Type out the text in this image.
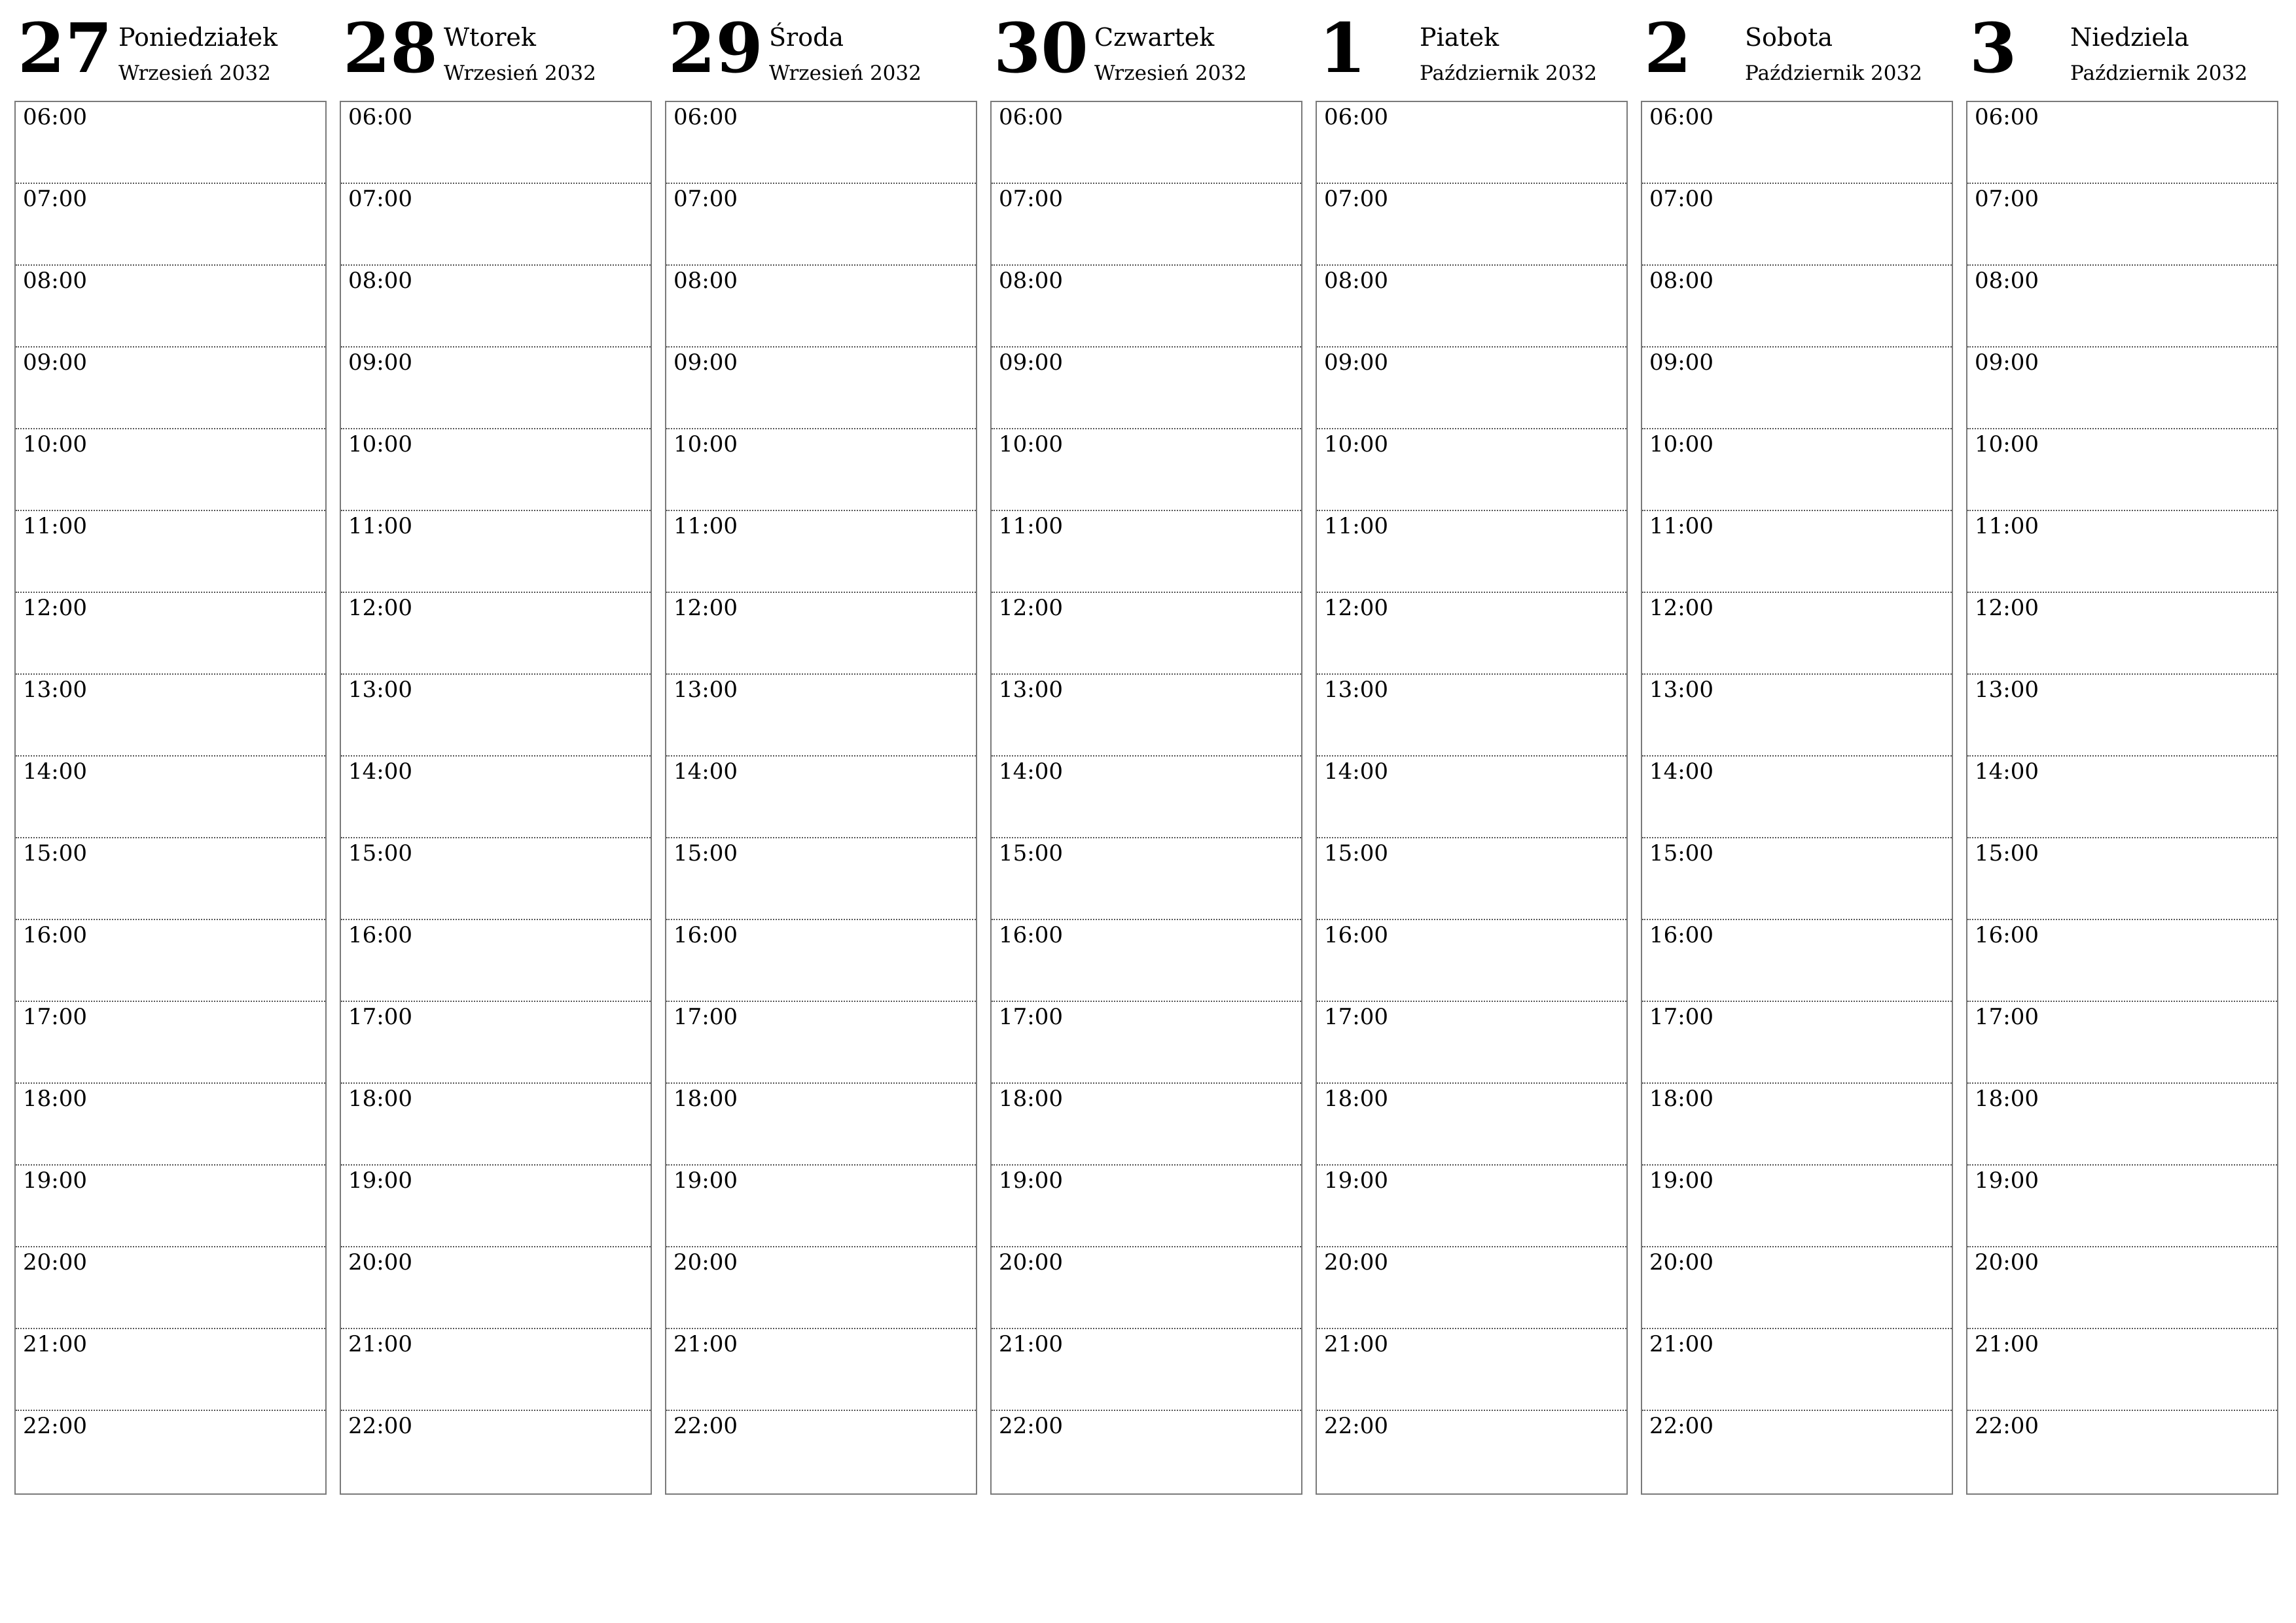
27 Poniedziałek
Wrzesień 2032
06:00
07:00
08:00
09:00
10:00
11:00
12:00
13:00
14:00
15:00
16:00
17:00
18:00
19:00
20:00
21:00
22:00
28 Wtorek
Wrzesień 2032
06:00
07:00
08:00
09:00
10:00
11:00
12:00
13:00
14:00
15:00
16:00
17:00
18:00
19:00
20:00
21:00
22:00
29 Środa
Wrzesień 2032
06:00
07:00
08:00
09:00
10:00
11:00
12:00
13:00
14:00
15:00
16:00
17:00
18:00
19:00
20:00
21:00
22:00
30 Czwartek
Wrzesień 2032
06:00
07:00
08:00
09:00
10:00
11:00
12:00
13:00
14:00
15:00
16:00
17:00
18:00
19:00
20:00
21:00
22:00
1 Piatek
Październik 2032
06:00
07:00
08:00
09:00
10:00
11:00
12:00
13:00
14:00
15:00
16:00
17:00
18:00
19:00
20:00
21:00
22:00
2 Sobota
Październik 2032
06:00
07:00
08:00
09:00
10:00
11:00
12:00
13:00
14:00
15:00
16:00
17:00
18:00
19:00
20:00
21:00
22:00
3 Niedziela
Październik 2032
06:00
07:00
08:00
09:00
10:00
11:00
12:00
13:00
14:00
15:00
16:00
17:00
18:00
19:00
20:00
21:00
22:00
